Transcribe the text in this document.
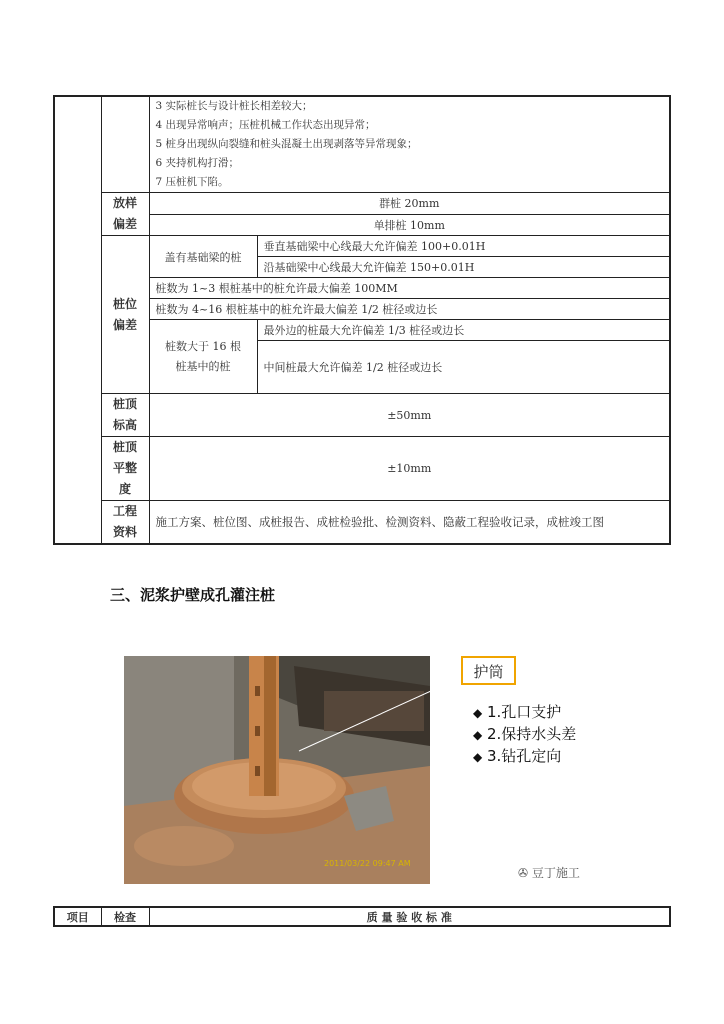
		3 实际桩长与设计桩长相差较大；
4 出现异常响声；压桩机械工作状态出现异常；
5 桩身出现纵向裂缝和桩头混凝土出现剥落等异常现象；
6 夹持机构打滑；
7 压桩机下陷。	

	放样
偏差	群桩 20mm	
		单排桩 10mm	

	桩位
偏差	盖有基础梁的桩	垂直基础梁中心线最大允许偏差 100+0.01H
			沿基础梁中心线最大允许偏差 150+0.01H
		桩数为 1~3 根桩基中的桩允许最大偏差 100MM	
		桩数为 4~16 根桩基中的桩允许最大偏差 1/2 桩径或边长	

		桩数大于 16 根
桩基中的桩	最外边的桩最大允许偏差 1/3 桩径或边长
			中间桩最大允许偏差 1/2 桩径或边长

	桩顶
标高	±50mm	

	桩顶
平整
度	±10mm	

	工程
资料	施工方案、桩位图、成桩报告、成桩检验批、检测资料、隐蔽工程验收记录，成桩竣工图	
三、泥浆护壁成孔灌注桩
2011/03/22 09:47 AM
护筒
◆ 1.孔口支护
◆ 2.保持水头差
◆ 3.钻孔定向
✇ 豆丁施工
项目	检查	质 量 验 收 标 准
